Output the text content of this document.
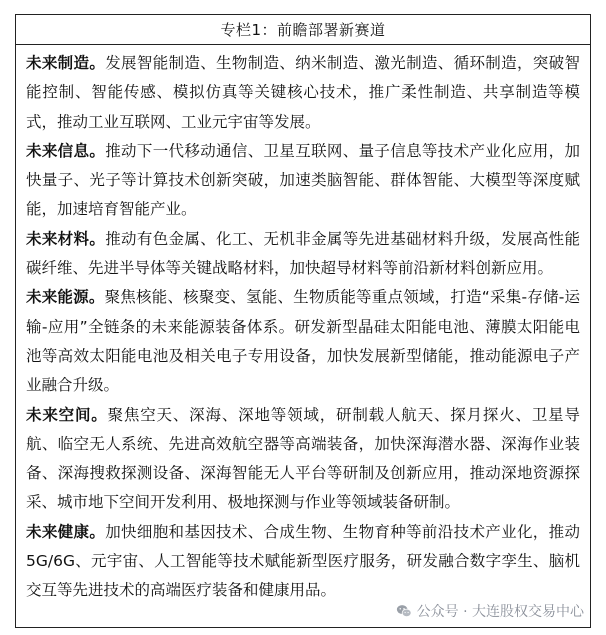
专栏1：前瞻部署新赛道

未来制造。发展智能制造、生物制造、纳米制造、激光制造、循环制造，突破智能控制、智能传感、模拟仿真等关键核心技术，推广柔性制造、共享制造等模式，推动工业互联网、工业元宇宙等发展。

未来信息。推动下一代移动通信、卫星互联网、量子信息等技术产业化应用，加快量子、光子等计算技术创新突破，加速类脑智能、群体智能、大模型等深度赋能，加速培育智能产业。

未来材料。推动有色金属、化工、无机非金属等先进基础材料升级，发展高性能碳纤维、先进半导体等关键战略材料，加快超导材料等前沿新材料创新应用。

未来能源。聚焦核能、核聚变、氢能、生物质能等重点领域，打造“采集-存储-运输-应用”全链条的未来能源装备体系。研发新型晶硅太阳能电池、薄膜太阳能电池等高效太阳能电池及相关电子专用设备，加快发展新型储能，推动能源电子产业融合升级。

未来空间。聚焦空天、深海、深地等领域，研制载人航天、探月探火、卫星导航、临空无人系统、先进高效航空器等高端装备，加快深海潜水器、深海作业装备、深海搜救探测设备、深海智能无人平台等研制及创新应用，推动深地资源探采、城市地下空间开发利用、极地探测与作业等领域装备研制。

未来健康。加快细胞和基因技术、合成生物、生物育种等前沿技术产业化，推动5G/6G、元宇宙、人工智能等技术赋能新型医疗服务，研发融合数字孪生、脑机交互等先进技术的高端医疗装备和健康用品。

公众号 · 大连股权交易中心
